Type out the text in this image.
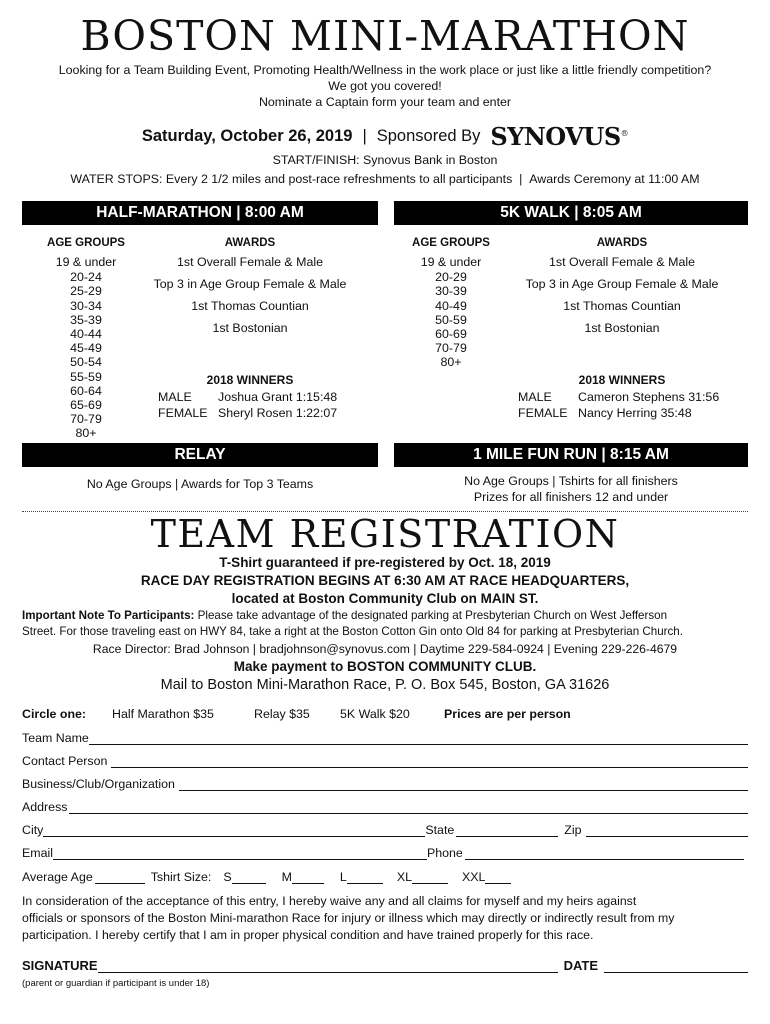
BOSTON MINI-MARATHON
Looking for a Team Building Event, Promoting Health/Wellness in the work place or just like a little friendly competition?
We got you covered!
Nominate a Captain form your team and enter
Saturday, October 26, 2019 | Sponsored By SYNOVUS®
START/FINISH: Synovus Bank in Boston
WATER STOPS: Every 2 1/2 miles and post-race refreshments to all participants | Awards Ceremony at 11:00 AM
HALF-MARATHON | 8:00 AM
AGE GROUPS	AWARDS
19 & under
20-24
25-29
30-34
35-39
40-44
45-49
50-54
55-59
60-64
65-69
70-79
80+
1st Overall Female & Male
Top 3 in Age Group Female & Male
1st Thomas Countian
1st Bostonian
2018 WINNERS
MALE	Joshua Grant 1:15:48
FEMALE Sheryl Rosen 1:22:07
5K WALK | 8:05 AM
AGE GROUPS	AWARDS
19 & under
20-29
30-39
40-49
50-59
60-69
70-79
80+
1st Overall Female & Male
Top 3 in Age Group Female & Male
1st Thomas Countian
1st Bostonian
2018 WINNERS
MALE	Cameron Stephens 31:56
FEMALE Nancy Herring 35:48
RELAY
No Age Groups | Awards for Top 3 Teams
1 MILE FUN RUN | 8:15 AM
No Age Groups | Tshirts for all finishers
Prizes for all finishers 12 and under
TEAM REGISTRATION
T-Shirt guaranteed if pre-registered by Oct. 18, 2019
RACE DAY REGISTRATION BEGINS AT 6:30 AM AT RACE HEADQUARTERS,
located at Boston Community Club on MAIN ST.
Important Note To Participants: Please take advantage of the designated parking at Presbyterian Church on West Jefferson
Street. For those traveling east on HWY 84, take a right at the Boston Cotton Gin onto Old 84 for parking at Presbyterian Church.
Race Director: Brad Johnson | bradjohnson@synovus.com | Daytime 229-584-0924 | Evening 229-226-4679
Make payment to BOSTON COMMUNITY CLUB.
Mail to Boston Mini-Marathon Race, P. O. Box 545, Boston, GA 31626
Circle one:	Half Marathon $35	Relay $35	5K Walk $20	Prices are per person
Team Name
Contact Person
Business/Club/Organization
Address
City	State	Zip
Email	Phone
Average Age	Tshirt Size: S	M	L	XL	XXL
In consideration of the acceptance of this entry, I hereby waive any and all claims for myself and my heirs against
officials or sponsors of the Boston Mini-marathon Race for injury or illness which may directly or indirectly result from my
participation. I hereby certify that I am in proper physical condition and have trained properly for this race.
SIGNATURE	DATE
(parent or guardian if participant is under 18)
